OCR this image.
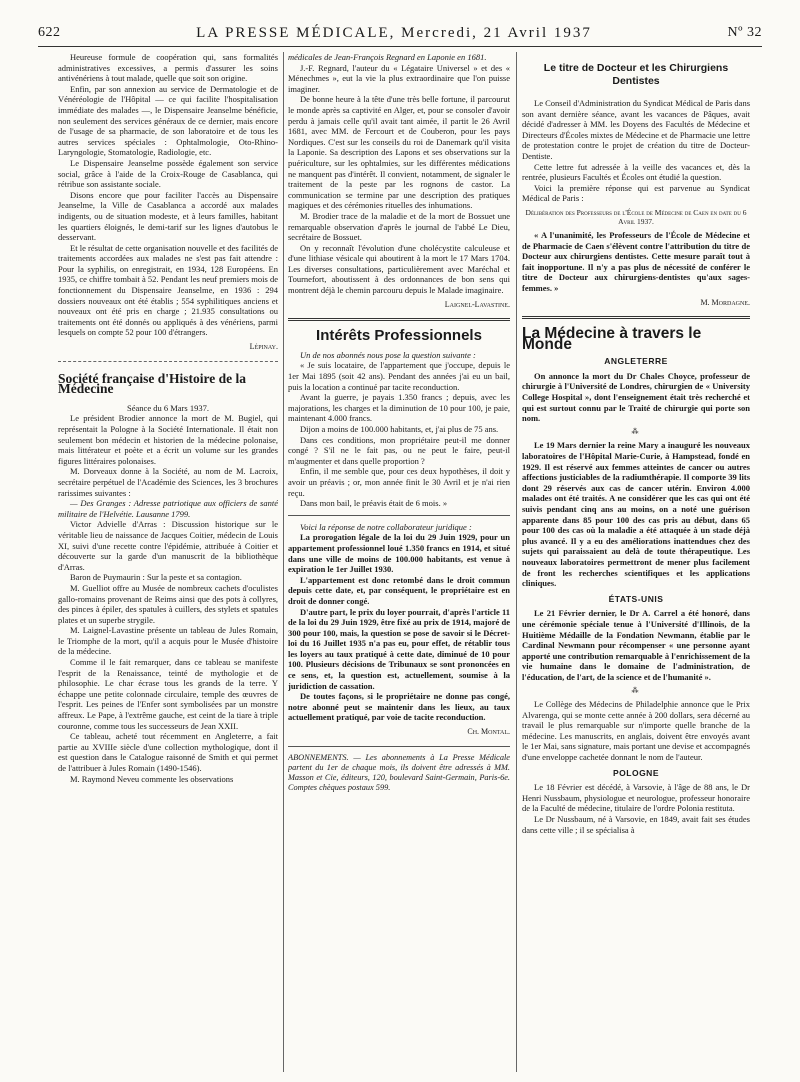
622	LA PRESSE MÉDICALE, Mercredi, 21 Avril 1937	Nº 32

Heureuse formule de coopération qui, sans formalités administratives excessives, a permis d'assurer les soins antivénériens à tout malade, quelle que soit son origine.

Enfin, par son annexion au service de Dermatologie et de Vénéréologie de l'Hôpital — ce qui facilite l'hospitalisation immédiate des malades —, le Dispensaire Jeanselme bénéficie, non seulement des services généraux de ce dernier, mais encore de l'usage de sa pharmacie, de son laboratoire et de tous les autres services spéciales : Ophtalmologie, Oto-Rhino-Laryngologie, Stomatologie, Radiologie, etc.

Le Dispensaire Jeanselme possède également son service social, grâce à l'aide de la Croix-Rouge de Casablanca, qui rétribue son assistante sociale.

Disons encore que pour faciliter l'accès au Dispensaire Jeanselme, la Ville de Casablanca a accordé aux malades indigents, ou de situation modeste, et à leurs familles, habitant les quartiers éloignés, le demi-tarif sur les lignes d'autobus le desservant.

Et le résultat de cette organisation nouvelle et des facilités de traitements accordées aux malades ne s'est pas fait attendre : Pour la syphilis, on enregistrait, en 1934, 128 Européens. En 1935, ce chiffre tombait à 52. Pendant les neuf premiers mois de fonctionnement du Dispensaire Jeanselme, en 1936 : 294 dossiers nouveaux ont été établis ; 554 syphilitiques anciens et nouveaux ont été pris en charge ; 21.935 consultations ou traitements ont été donnés ou appliqués à des vénériens, parmi lesquels on compte 52 pour 100 d'étrangers.

Lépinay.

Société française d'Histoire de la Médecine

Séance du 6 Mars 1937.

Le président Brodier annonce la mort de M. Bugiel, qui représentait la Pologne à la Société Internationale. Il était non seulement bon médecin et historien de la médecine polonaise, mais littérateur et poète et a écrit un volume sur les grandes figures littéraires polonaises.

M. Dorveaux donne à la Société, au nom de M. Lacroix, secrétaire perpétuel de l'Académie des Sciences, les 3 brochures rarissimes suivantes :

— Des Granges : Adresse patriotique aux officiers de santé militaire de l'Helvétie. Lausanne 1799.

Victor Advielle d'Arras : Discussion historique sur le véritable lieu de naissance de Jacques Coitier, médecin de Louis XI, suivi d'une recette contre l'épidémie, attribuée à Coitier et découverte sur la garde d'un manuscrit de la bibliothèque d'Arras.

Baron de Puymaurin : Sur la peste et sa contagion.

M. Guelliot offre au Musée de nombreux cachets d'oculistes gallo-romains provenant de Reims ainsi que des pots à collyres, des pinces à épiler, des spatules à cuillers, des stylets et spatules plates et un superbe strygile.

M. Laignel-Lavastine présente un tableau de Jules Romain, le Triomphe de la mort, qu'il a acquis pour le Musée d'histoire de la médecine.

Comme il le fait remarquer, dans ce tableau se manifeste l'esprit de la Renaissance, teinté de mythologie et de philosophie. Le char écrase tous les grands de la terre. Y échappe une petite colonnade circulaire, temple des œuvres de l'esprit. Les peines de l'Enfer sont symbolisées par un monstre affreux. Le Pape, à l'extrême gauche, est ceint de la tiare à triple couronne, comme tous les successeurs de Jean XXII.

Ce tableau, acheté tout récemment en Angleterre, a fait partie au XVIIIe siècle d'une collection mythologique, dont il est question dans le Catalogue raisonné de Smith et qui permet de l'attribuer à Jules Romain (1490-1546).

M. Raymond Neveu commente les observations

médicales de Jean-François Regnard en Laponie en 1681.

J.-F. Regnard, l'auteur du « Légataire Universel » et des « Ménechmes », eut la vie la plus extraordinaire que l'on puisse imaginer.

De bonne heure à la tête d'une très belle fortune, il parcourut le monde après sa captivité en Alger, et, pour se consoler d'avoir perdu à jamais celle qu'il avait tant aimée, il partit le 26 Avril 1681, avec MM. de Fercourt et de Couberon, pour les pays Nordiques. C'est sur les conseils du roi de Danemark qu'il visita la Laponie. Sa description des Lapons et ses observations sur la puériculture, sur les ophtalmies, sur les différentes médications ne manquent pas d'intérêt. Il convient, notamment, de signaler le traitement de la peste par les rognons de castor. La communication se termine par une description des pratiques magiques et des cérémonies rituelles des inhumations.

M. Brodier trace de la maladie et de la mort de Bossuet une remarquable observation d'après le journal de l'abbé Le Dieu, secrétaire de Bossuet.

On y reconnaît l'évolution d'une cholécystite calculeuse et d'une lithiase vésicale qui aboutirent à la mort le 17 Mars 1704. Les diverses consultations, particulièrement avec Maréchal et Tournefort, aboutissent à des ordonnances de bon sens qui montrent déjà le chemin parcouru depuis le Malade imaginaire.

Laignel-Lavastine.

Intérêts Professionnels

Un de nos abonnés nous pose la question suivante :

« Je suis locataire, de l'appartement que j'occupe, depuis le 1er Mai 1895 (soit 42 ans). Pendant des années j'ai eu un bail, puis la location a continué par tacite reconduction.

Avant la guerre, je payais 1.350 francs ; depuis, avec les majorations, les charges et la diminution de 10 pour 100, je paie, maintenant 4.000 francs.

Dijon a moins de 100.000 habitants, et, j'ai plus de 75 ans.

Dans ces conditions, mon propriétaire peut-il me donner congé ? S'il ne le fait pas, ou ne peut le faire, peut-il m'augmenter et dans quelle proportion ?

Enfin, il me semble que, pour ces deux hypothèses, il doit y avoir un préavis ; or, mon année finit le 30 Avril et je n'ai rien reçu.

Dans mon bail, le préavis était de 6 mois. »

Voici la réponse de notre collaborateur juridique :

La prorogation légale de la loi du 29 Juin 1929, pour un appartement professionnel loué 1.350 francs en 1914, et situé dans une ville de moins de 100.000 habitants, est venue à expiration le 1er Juillet 1930.

L'appartement est donc retombé dans le droit commun depuis cette date, et, par conséquent, le propriétaire est en droit de donner congé.

D'autre part, le prix du loyer pourrait, d'après l'article 11 de la loi du 29 Juin 1929, être fixé au prix de 1914, majoré de 300 pour 100, mais, la question se pose de savoir si le Décret-loi du 16 Juillet 1935 n'a pas eu, pour effet, de rétablir tous les loyers au taux pratiqué à cette date, diminué de 10 pour 100. Plusieurs décisions de Tribunaux se sont prononcées en ce sens, et, la question est, actuellement, soumise à la juridiction de cassation.

De toutes façons, si le propriétaire ne donne pas congé, notre abonné peut se maintenir dans les lieux, au taux actuellement pratiqué, par voie de tacite reconduction.

Ch. Montal.

ABONNEMENTS. — Les abonnements à La Presse Médicale partent du 1er de chaque mois, ils doivent être adressés à MM. Masson et Cie, éditeurs, 120, boulevard Saint-Germain, Paris-6e. Comptes chèques postaux 599.
Le titre de Docteur et les Chirurgiens Dentistes

Le Conseil d'Administration du Syndicat Médical de Paris dans son avant dernière séance, avant les vacances de Pâques, avait décidé d'adresser à MM. les Doyens des Facultés de Médecine et Directeurs d'Écoles mixtes de Médecine et de Pharmacie une lettre de protestation contre le projet de création du titre de Docteur-Dentiste.

Cette lettre fut adressée à la veille des vacances et, dès la rentrée, plusieurs Facultés et Écoles ont étudié la question.

Voici la première réponse qui est parvenue au Syndicat Médical de Paris :

Délibération des Professeurs de l'École de Médecine de Caen en date du 6 Avril 1937.

« A l'unanimité, les Professeurs de l'École de Médecine et de Pharmacie de Caen s'élèvent contre l'attribution du titre de Docteur aux chirurgiens dentistes. Cette mesure paraît tout à fait inopportune. Il n'y a pas plus de nécessité de conférer le titre de Docteur aux chirurgiens-dentistes qu'aux sages-femmes. »

M. Mordagne.

La Médecine à travers le Monde
ANGLETERRE

On annonce la mort du Dr Chales Choyce, professeur de chirurgie à l'Université de Londres, chirurgien de « University College Hospital », dont l'enseignement était très recherché et qui est surtout connu par le Traité de chirurgie qui porte son nom.

⁂

Le 19 Mars dernier la reine Mary a inauguré les nouveaux laboratoires de l'Hôpital Marie-Curie, à Hampstead, fondé en 1929. Il est réservé aux femmes atteintes de cancer ou autres affections justiciables de la radiumthérapie. Il comporte 39 lits dont 29 réservés aux cas de cancer utérin. Environ 4.000 malades ont été traités. A ne considérer que les cas qui ont été suivis pendant cinq ans au moins, on a noté une guérison apparente dans 85 pour 100 des cas pris au début, dans 65 pour 100 des cas où la maladie a été attaquée à un stade déjà plus avancé. Il y a eu des améliorations inattendues chez des sujets qui paraissaient au delà de toute thérapeutique. Les nouveaux laboratoires permettront de mener plus facilement de front les recherches scientifiques et les applications cliniques.

ÉTATS-UNIS

Le 21 Février dernier, le Dr A. Carrel a été honoré, dans une cérémonie spéciale tenue à l'Université d'Illinois, de la Huitième Médaille de la Fondation Newmann, établie par le Cardinal Newmann pour récompenser « une personne ayant apporté une contribution remarquable à l'enrichissement de la vie humaine dans le domaine de l'administration, de l'éducation, de l'art, de la science et de l'humanité ».

⁂

Le Collège des Médecins de Philadelphie annonce que le Prix Alvarenga, qui se monte cette année à 200 dollars, sera décerné au travail le plus remarquable sur n'importe quelle branche de la médecine. Les manuscrits, en anglais, doivent être envoyés avant le 1er Mai, sans signature, mais portant une devise et accompagnés d'une enveloppe cachetée donnant le nom de l'auteur.

POLOGNE

Le 18 Février est décédé, à Varsovie, à l'âge de 88 ans, le Dr Henri Nussbaum, physiologue et neurologue, professeur honoraire de la Faculté de médecine, titulaire de l'ordre Polonia restituta.

Le Dr Nussbaum, né à Varsovie, en 1849, avait fait ses études dans cette ville ; il se spécialisa à
